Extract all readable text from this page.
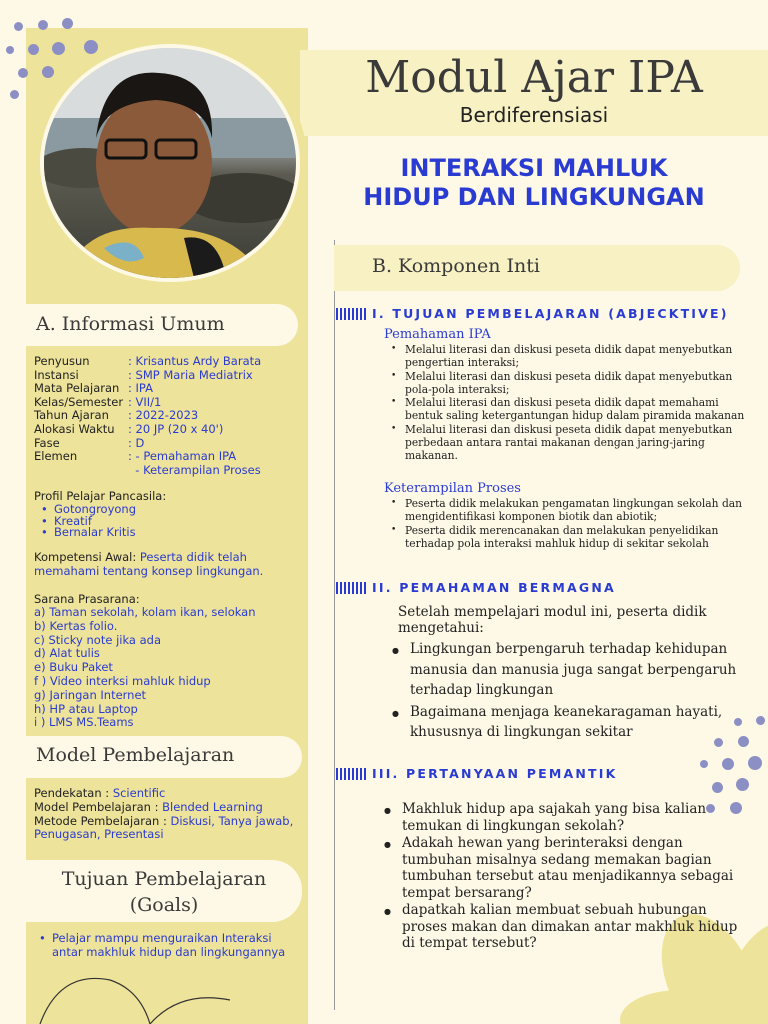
Modul Ajar IPA
Berdiferensiasi
INTERAKSI MAHLUK
HIDUP DAN LINGKUNGAN
B. Komponen Inti
A. Informasi Umum
Penyusun	: Krisantus Ardy Barata
Instansi	: SMP Maria Mediatrix
Mata Pelajaran : IPA
Kelas/Semester : VII/1
Tahun Ajaran	: 2022-2023
Alokasi Waktu	: 20 JP (20 x 40')
Fase	: D
Elemen	: - Pemahaman IPA
- Keterampilan Proses
Profil Pelajar Pancasila:
• Gotongroyong
• Kreatif
• Bernalar Kritis
Kompetensi Awal: Peserta didik telah memahami tentang konsep lingkungan.
Sarana Prasarana:
a) Taman sekolah, kolam ikan, selokan
b) Kertas folio.
c) Sticky note jika ada
d) Alat tulis
e) Buku Paket
f ) Video interksi mahluk hidup
g) Jaringan Internet
h) HP atau Laptop
i ) LMS MS.Teams
Model Pembelajaran
Pendekatan : Scientific
Model Pembelajaran : Blended Learning
Metode Pembelajaran : Diskusi, Tanya jawab, Penugasan, Presentasi
Tujuan Pembelajaran
(Goals)
• Pelajar mampu menguraikan Interaksi antar makhluk hidup dan lingkungannya
I. TUJUAN PEMBELAJARAN (ABJECKTIVE)
Pemahaman IPA
• Melalui literasi dan diskusi peseta didik dapat menyebutkan pengertian interaksi;
• Melalui literasi dan diskusi peseta didik dapat menyebutkan pola-pola interaksi;
• Melalui literasi dan diskusi peseta didik dapat memahami bentuk saling ketergantungan hidup dalam piramida makanan
• Melalui literasi dan diskusi peseta didik dapat menyebutkan perbedaan antara rantai makanan dengan jaring-jaring makanan.
Keterampilan Proses
• Peserta didik melakukan pengamatan lingkungan sekolah dan mengidentifikasi komponen biotik dan abiotik;
• Peserta didik merencanakan dan melakukan penyelidikan terhadap pola interaksi mahluk hidup di sekitar sekolah
II. PEMAHAMAN BERMAGNA
Setelah mempelajari modul ini, peserta didik mengetahui:
● Lingkungan berpengaruh terhadap kehidupan manusia dan manusia juga sangat berpengaruh terhadap lingkungan
● Bagaimana menjaga keanekaragaman hayati, khususnya di lingkungan sekitar
III. PERTANYAAN PEMANTIK
● Makhluk hidup apa sajakah yang bisa kalian temukan di lingkungan sekolah?
● Adakah hewan yang berinteraksi dengan tumbuhan misalnya sedang memakan bagian tumbuhan tersebut atau menjadikannya sebagai tempat bersarang?
● dapatkah kalian membuat sebuah hubungan proses makan dan dimakan antar makhluk hidup di tempat tersebut?
